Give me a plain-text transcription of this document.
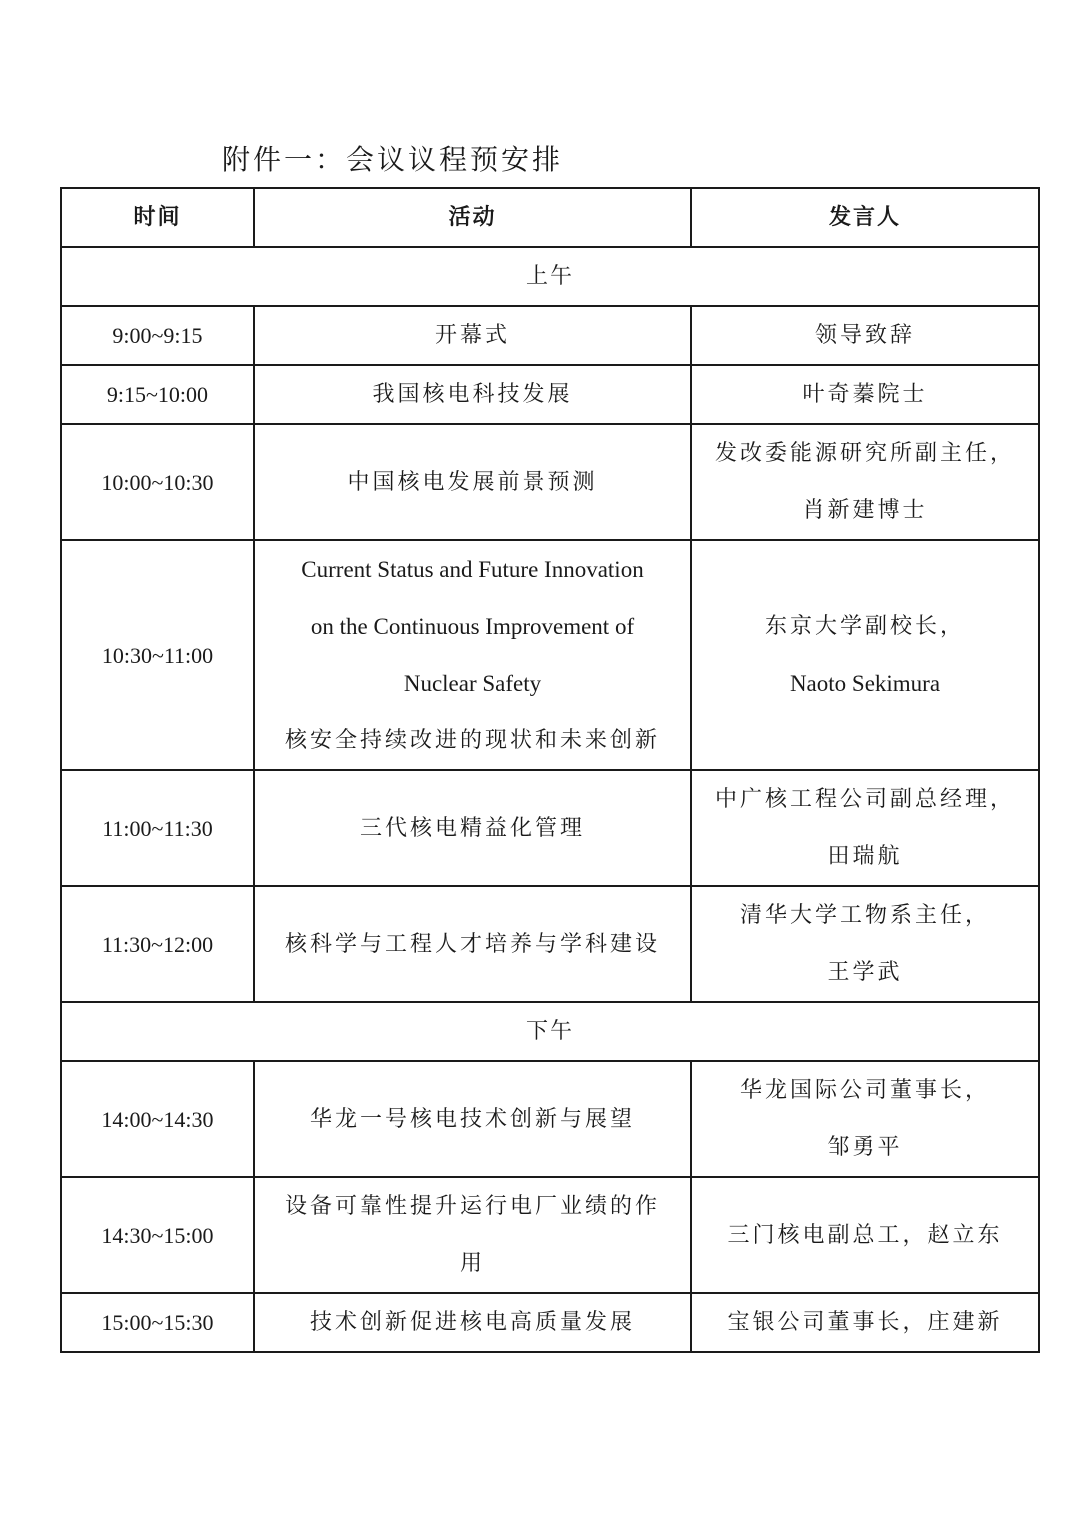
附件一：会议议程预安排
时间	活动	发言人
上午		
9:00~9:15	开幕式	领导致辞

9:15~10:00	我国核电科技发展	叶奇蓁院士

10:00~10:30	中国核电发展前景预测	发改委能源研究所副主任，
肖新建博士

10:30~11:00	Current Status and Future Innovation
on the Continuous Improvement of
Nuclear Safety
核安全持续改进的现状和未来创新	东京大学副校长，
Naoto Sekimura

11:00~11:30	三代核电精益化管理	中广核工程公司副总经理，
田瑞航

11:30~12:00	核科学与工程人才培养与学科建设	清华大学工物系主任，
王学武

下午		
14:00~14:30	华龙一号核电技术创新与展望	华龙国际公司董事长，
邹勇平

14:30~15:00	设备可靠性提升运行电厂业绩的作
用	三门核电副总工，赵立东

15:00~15:30	技术创新促进核电高质量发展	宝银公司董事长，庄建新
